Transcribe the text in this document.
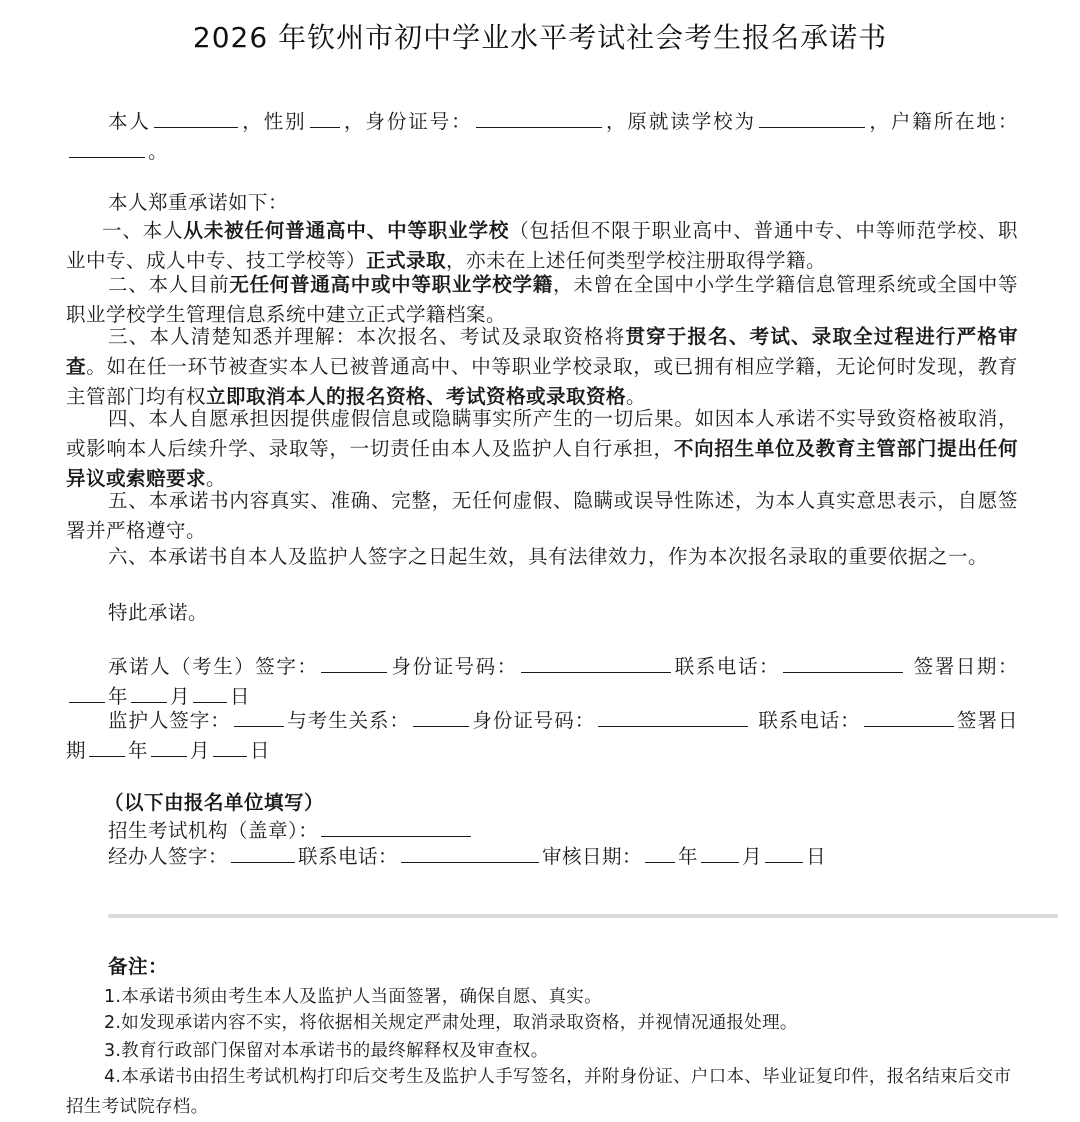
2026 年钦州市初中学业水平考试社会考生报名承诺书

本人	，性别 ，身份证号：	，原就读学校为	，户籍所在地：。

本人郑重承诺如下：

一、本人从未被任何普通高中、中等职业学校（包括但不限于职业高中、普通中专、中等师范学校、职业中专、成人中专、技工学校等）正式录取，亦未在上述任何类型学校注册取得学籍。

二、本人目前无任何普通高中或中等职业学校学籍，未曾在全国中小学生学籍信息管理系统或全国中等职业学校学生管理信息系统中建立正式学籍档案。

三、本人清楚知悉并理解：本次报名、考试及录取资格将贯穿于报名、考试、录取全过程进行严格审查。如在任一环节被查实本人已被普通高中、中等职业学校录取，或已拥有相应学籍，无论何时发现，教育主管部门均有权立即取消本人的报名资格、考试资格或录取资格。

四、本人自愿承担因提供虚假信息或隐瞒事实所产生的一切后果。如因本人承诺不实导致资格被取消，或影响本人后续升学、录取等，一切责任由本人及监护人自行承担，不向招生单位及教育主管部门提出任何异议或索赔要求。

五、本承诺书内容真实、准确、完整，无任何虚假、隐瞒或误导性陈述，为本人真实意思表示，自愿签署并严格遵守。

六、本承诺书自本人及监护人签字之日起生效，具有法律效力，作为本次报名录取的重要依据之一。

特此承诺。

承诺人（考生）签字：	身份证号码：	联系电话：	签署日期：年 月 日

监护人签字：	与考生关系：	身份证号码：	联系电话：	签署日期 年 月 日

（以下由报名单位填写）

招生考试机构（盖章）：

经办人签字：	联系电话：	审核日期： 年 月 日

备注：

1.本承诺书须由考生本人及监护人当面签署，确保自愿、真实。

2.如发现承诺内容不实，将依据相关规定严肃处理，取消录取资格，并视情况通报处理。

3.教育行政部门保留对本承诺书的最终解释权及审查权。

4.本承诺书由招生考试机构打印后交考生及监护人手写签名，并附身份证、户口本、毕业证复印件，报名结束后交市招生考试院存档。
